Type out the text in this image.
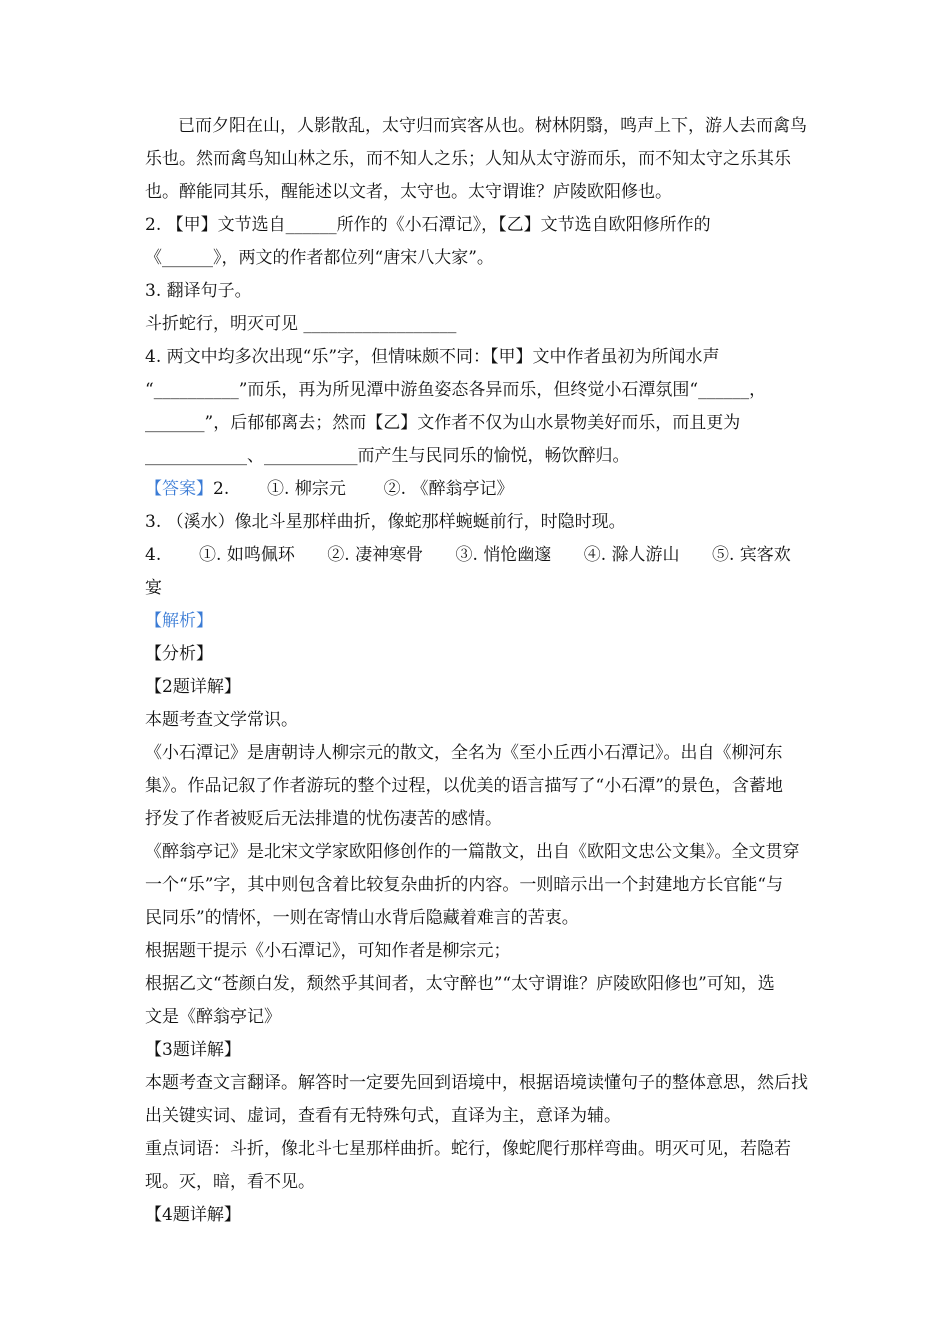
已而夕阳在山，人影散乱，太守归而宾客从也。树林阴翳，鸣声上下，游人去而禽鸟
乐也。然而禽鸟知山林之乐，而不知人之乐；人知从太守游而乐，而不知太守之乐其乐
也。醉能同其乐，醒能述以文者，太守也。太守谓谁？庐陵欧阳修也。
2. 【甲】文节选自______所作的《小石潭记》，【乙】文节选自欧阳修所作的
《______》，两文的作者都位列“唐宋八大家”。
3. 翻译句子。
斗折蛇行，明灭可见 __________________
4. 两文中均多次出现“乐”字，但情味颇不同：【甲】文中作者虽初为所闻水声
“__________”而乐，再为所见潭中游鱼姿态各异而乐，但终觉小石潭氛围“______，
_______”，后郁郁离去；然而【乙】文作者不仅为山水景物美好而乐，而且更为
____________、___________而产生与民同乐的愉悦，畅饮醉归。
【答案】2.       ①. 柳宗元       ②. 《醉翁亭记》
3. （溪水）像北斗星那样曲折，像蛇那样蜿蜒前行，时隐时现。
4.       ①. 如鸣佩环      ②. 凄神寒骨      ③. 悄怆幽邃      ④. 滁人游山      ⑤. 宾客欢
宴
【解析】
【分析】
【2题详解】
本题考查文学常识。
《小石潭记》是唐朝诗人柳宗元的散文，全名为《至小丘西小石潭记》。出自《柳河东
集》。作品记叙了作者游玩的整个过程，以优美的语言描写了“小石潭”的景色，含蓄地
抒发了作者被贬后无法排遣的忧伤凄苦的感情。
《醉翁亭记》是北宋文学家欧阳修创作的一篇散文，出自《欧阳文忠公文集》。全文贯穿
一个“乐”字，其中则包含着比较复杂曲折的内容。一则暗示出一个封建地方长官能“与
民同乐”的情怀，一则在寄情山水背后隐藏着难言的苦衷。
根据题干提示《小石潭记》，可知作者是柳宗元；
根据乙文“苍颜白发，颓然乎其间者，太守醉也”“太守谓谁？庐陵欧阳修也”可知，选
文是《醉翁亭记》
【3题详解】
本题考查文言翻译。解答时一定要先回到语境中，根据语境读懂句子的整体意思，然后找
出关键实词、虚词，查看有无特殊句式，直译为主，意译为辅。
重点词语：斗折，像北斗七星那样曲折。蛇行，像蛇爬行那样弯曲。明灭可见，若隐若
现。灭，暗，看不见。
【4题详解】
